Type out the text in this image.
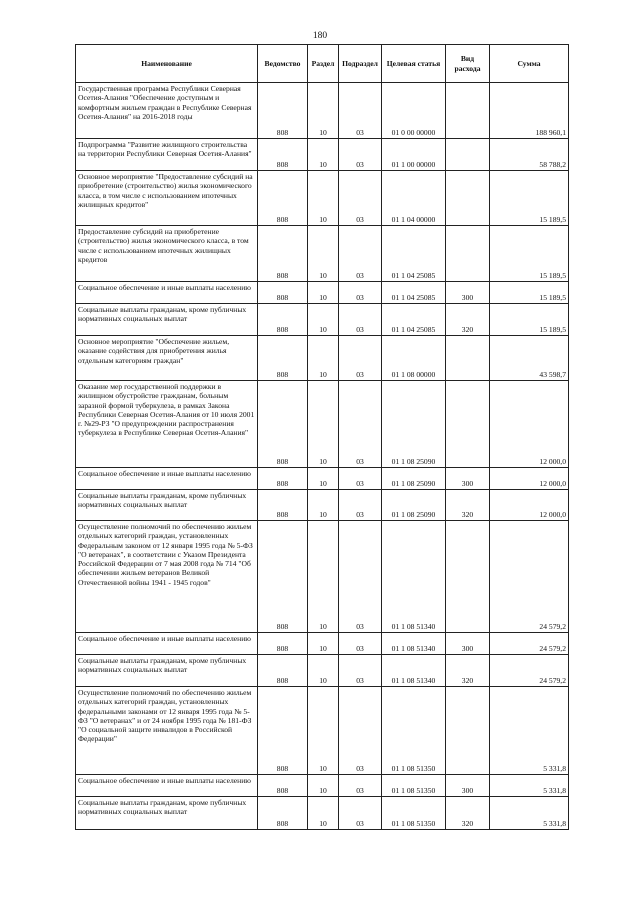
180
Наименование	Ведомство	Раздел	Подраздел	Целевая статья	Вид расхода	Сумма
Государственная программа Республики Северная Осетия-Алания "Обеспечение доступным и комфортным жильем граждан в Республике Северная Осетия-Алания" на 2016-2018 годы	808	10	03	01 0 00 00000		188 960,1
Подпрограмма "Развитие жилищного строительства на территории Республики Северная Осетия-Алания"	808	10	03	01 1 00 00000		58 788,2
Основное мероприятие "Предоставление субсидий на приобретение (строительство) жилья экономического класса, в том числе с использованием ипотечных жилищных кредитов"	808	10	03	01 1 04 00000		15 189,5
Предоставление субсидий на приобретение (строительство) жилья экономического класса, в том числе с использованием ипотечных жилищных кредитов	808	10	03	01 1 04 25085		15 189,5
Социальное обеспечение и иные выплаты населению	808	10	03	01 1 04 25085	300	15 189,5
Социальные выплаты гражданам, кроме публичных нормативных социальных выплат	808	10	03	01 1 04 25085	320	15 189,5
Основное мероприятие "Обеспечение жильем, оказание содействия для приобретения жилья отдельным категориям граждан"	808	10	03	01 1 08 00000		43 598,7
Оказание мер государственной поддержки в жилищном обустройстве гражданам, больным заразной формой туберкулеза, в рамках Закона Республики Северная Осетия-Алания от 10 июля 2001 г. №29-РЗ "О предупреждении распространения туберкулеза в Республике Северная Осетия-Алания"	808	10	03	01 1 08 25090		12 000,0
Социальное обеспечение и иные выплаты населению	808	10	03	01 1 08 25090	300	12 000,0
Социальные выплаты гражданам, кроме публичных нормативных социальных выплат	808	10	03	01 1 08 25090	320	12 000,0
Осуществление полномочий по обеспечению жильем отдельных категорий граждан, установленных Федеральным законом от 12 января 1995 года № 5-ФЗ "О ветеранах", в соответствии с Указом Президента Российской Федерации от 7 мая 2008 года № 714 "Об обеспечении жильем ветеранов Великой Отечественной войны 1941 - 1945 годов"	808	10	03	01 1 08 51340		24 579,2
Социальное обеспечение и иные выплаты населению	808	10	03	01 1 08 51340	300	24 579,2
Социальные выплаты гражданам, кроме публичных нормативных социальных выплат	808	10	03	01 1 08 51340	320	24 579,2
Осуществление полномочий по обеспечению жильем отдельных категорий граждан, установленных федеральными законами от 12 января 1995 года № 5-ФЗ "О ветеранах" и от 24 ноября 1995 года № 181-ФЗ "О социальной защите инвалидов в Российской Федерации"	808	10	03	01 1 08 51350		5 331,8
Социальное обеспечение и иные выплаты населению	808	10	03	01 1 08 51350	300	5 331,8
Социальные выплаты гражданам, кроме публичных нормативных социальных выплат	808	10	03	01 1 08 51350	320	5 331,8
